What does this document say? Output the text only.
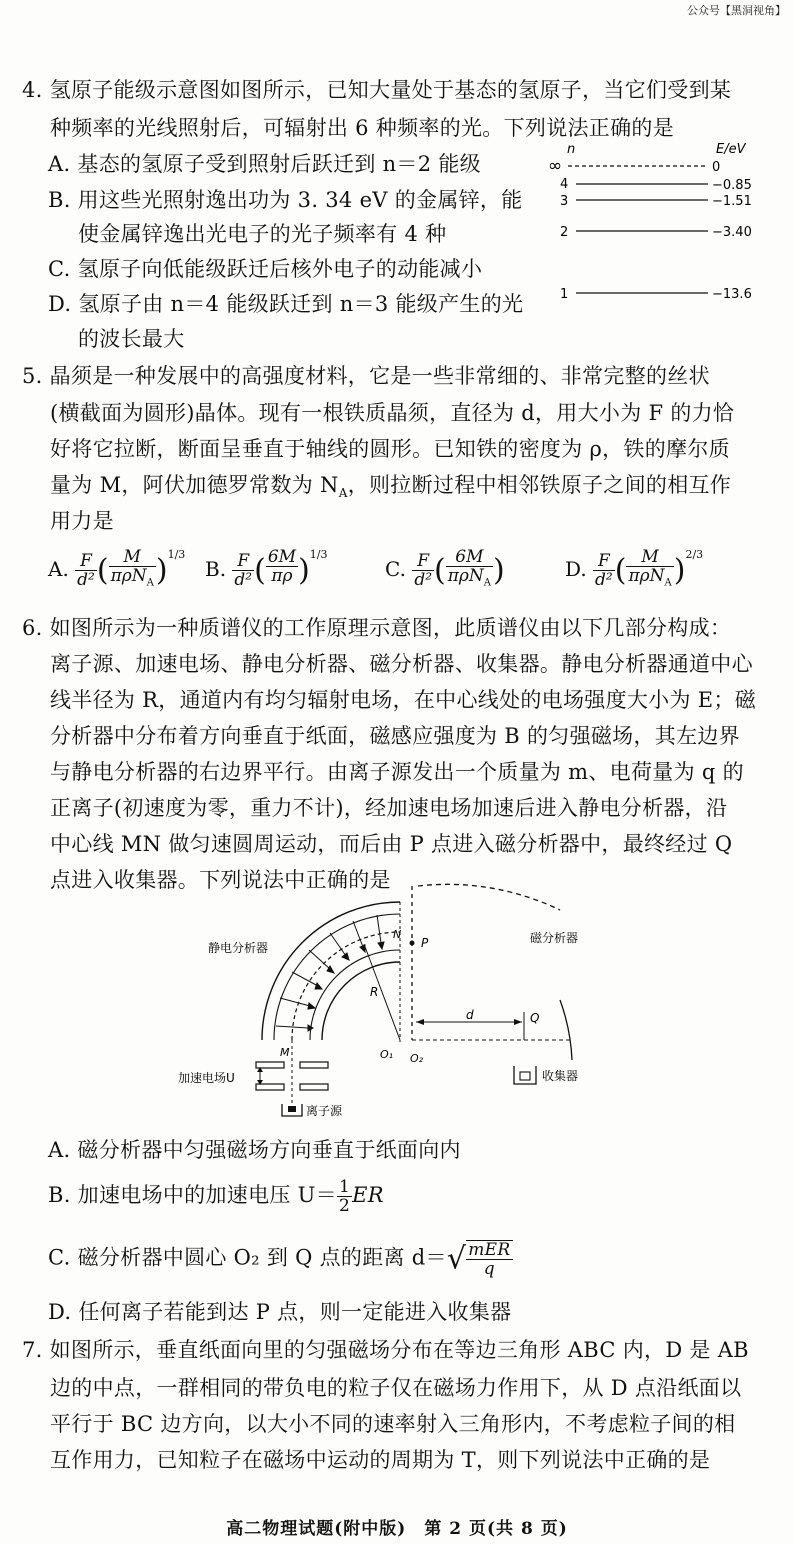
公众号【黑洞视角】
4. 氢原子能级示意图如图所示，已知大量处于基态的氢原子，当它们受到某
种频率的光线照射后，可辐射出 6 种频率的光。下列说法正确的是
A. 基态的氢原子受到照射后跃迁到 n＝2 能级
B. 用这些光照射逸出功为 3. 34 eV 的金属锌，能
使金属锌逸出光电子的光子频率有 4 种
C. 氢原子向低能级跃迁后核外电子的动能减小
D. 氢原子由 n＝4 能级跃迁到 n＝3 能级产生的光
的波长最大
n	E/eV
∞	0
4	−0.85
3	−1.51
2	−3.40
1	−13.6
5. 晶须是一种发展中的高强度材料，它是一些非常细的、非常完整的丝状
(横截面为圆形)晶体。现有一根铁质晶须，直径为 d，用大小为 F 的力恰
好将它拉断，断面呈垂直于轴线的圆形。已知铁的密度为 ρ，铁的摩尔质
量为 M，阿伏加德罗常数为 $N_A$，则拉断过程中相邻铁原子之间的相互作
用力是
A. $\frac{F}{\text{d²}}$ ( $\frac{M}{\pi\rho N_A} )^{1/3}$
B. $\frac{F}{\text{d²}}$ ( $\frac{6M}{\pi\rho} )^{1/3}$
C. $\frac{F}{\text{d²}}$ ( $\frac{6M}{\pi\rho N_A}$ )	D. $\frac{F}{\text{d²}}$ ( $\frac{M}{\pi\rho N_A} )^{2/3}$
6. 如图所示为一种质谱仪的工作原理示意图，此质谱仪由以下几部分构成：
离子源、加速电场、静电分析器、磁分析器、收集器。静电分析器通道中心
线半径为 R，通道内有均匀辐射电场，在中心线处的电场强度大小为 E；磁
分析器中分布着方向垂直于纸面，磁感应强度为 B 的匀强磁场，其左边界
与静电分析器的右边界平行。由离子源发出一个质量为 m、电荷量为 q 的
正离子(初速度为零，重力不计)，经加速电场加速后进入静电分析器，沿
中心线 MN 做匀速圆周运动，而后由 P 点进入磁分析器中，最终经过 Q
点进入收集器。下列说法中正确的是
磁分析器
静电分析器
R
O₁
N
P
O₂
d	Q
M
加速电场U
离子源
收集器
A. 磁分析器中匀强磁场方向垂直于纸面向内
B. 加速电场中的加速电压 $U= \frac{1}{2}$ ER
C. 磁分析器中圆心 O₂ 到 Q 点的距离 $d=√ \frac{\text{mER}}{q}$
D. 任何离子若能到达 P 点，则一定能进入收集器
7. 如图所示，垂直纸面向里的匀强磁场分布在等边三角形 ABC 内，D 是 AB
边的中点，一群相同的带负电的粒子仅在磁场力作用下，从 D 点沿纸面以
平行于 BC 边方向，以大小不同的速率射入三角形内，不考虑粒子间的相
互作用力，已知粒子在磁场中运动的周期为 T，则下列说法中正确的是
高二物理试题(附中版)　第 2 页(共 8 页)
